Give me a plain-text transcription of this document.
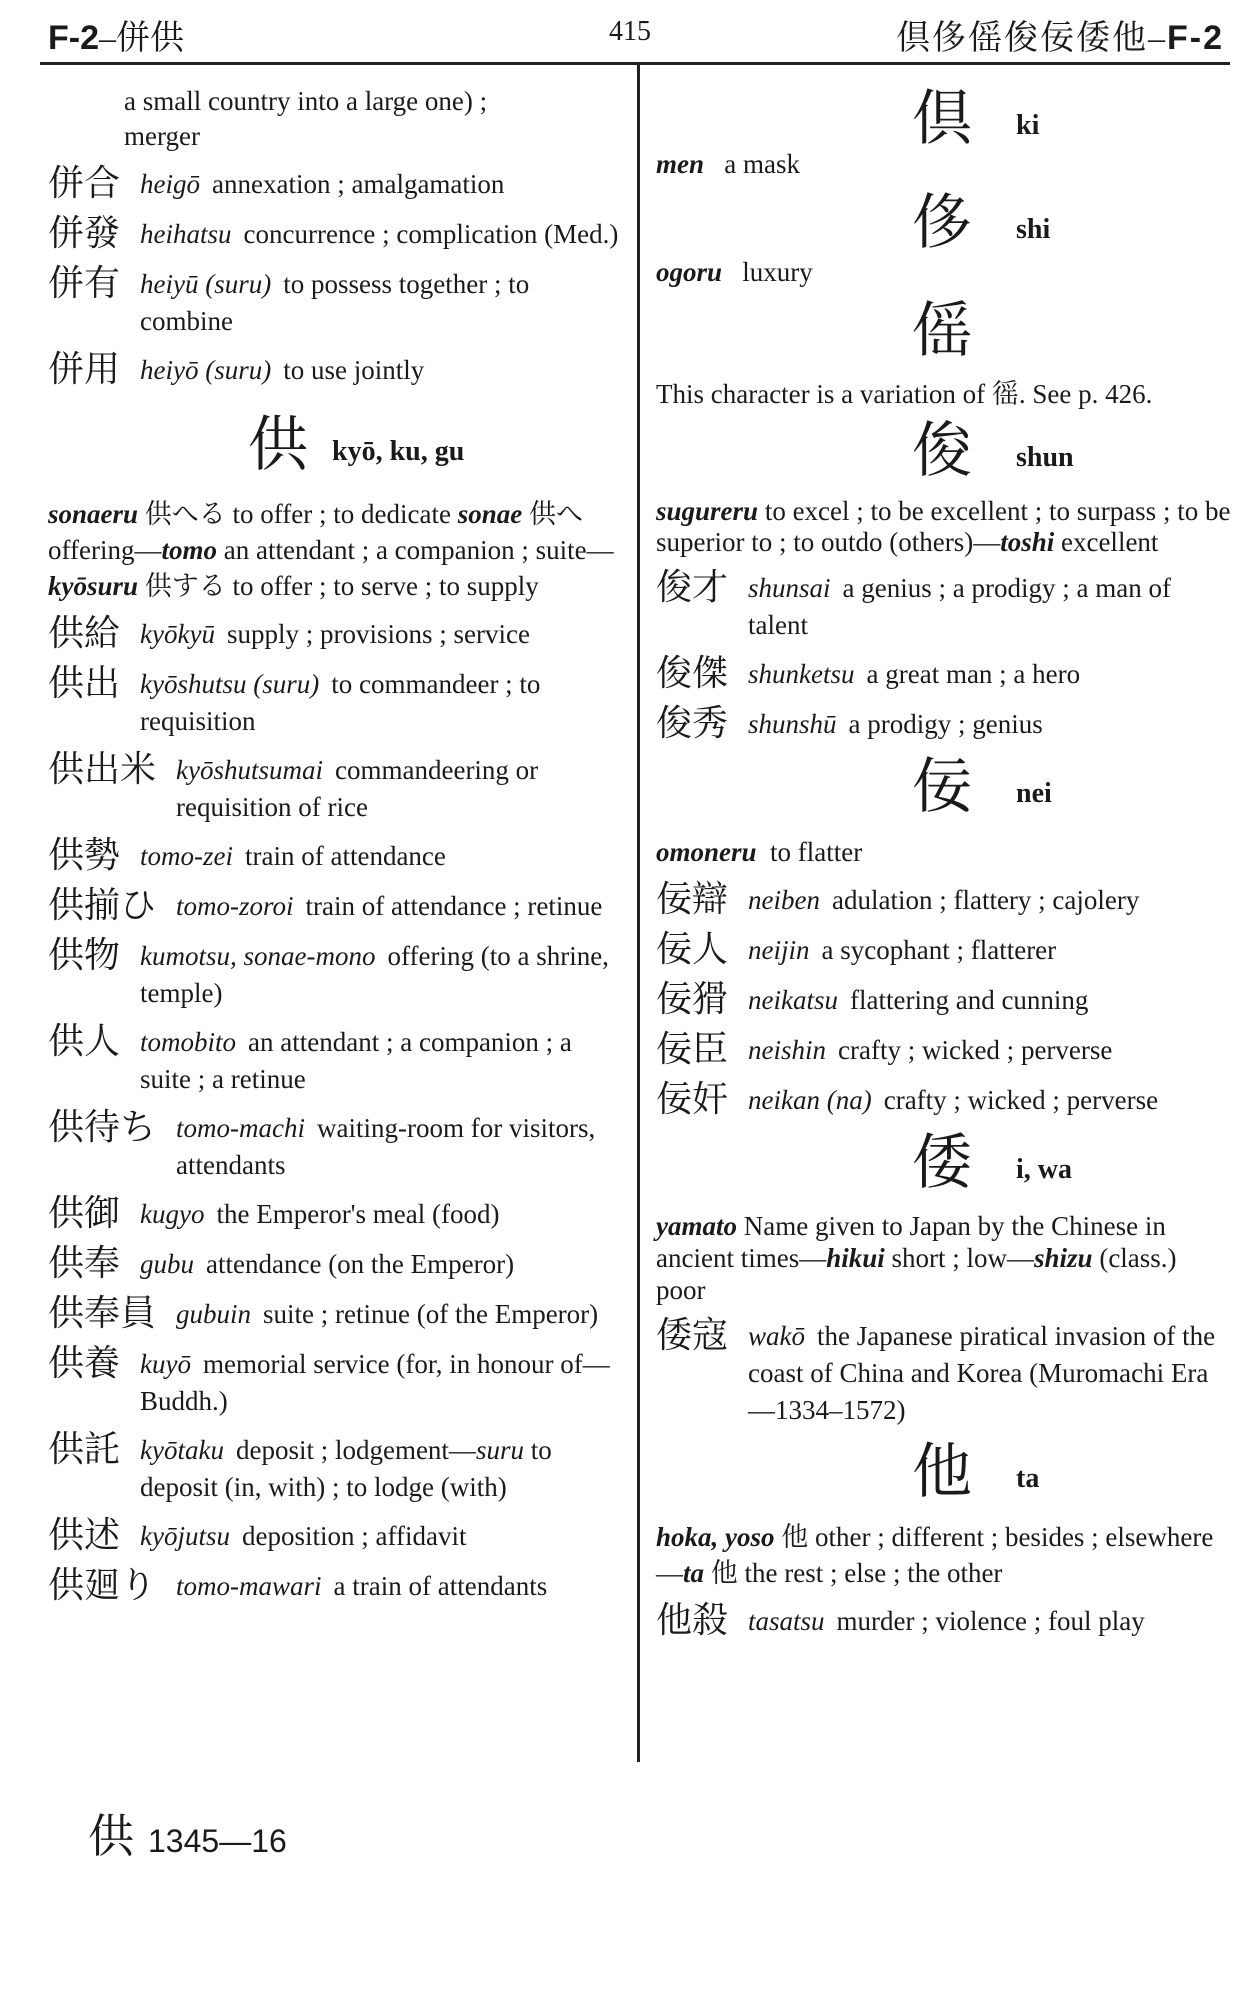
F-2–併供	415	倶侈傜俊佞倭他–F-2
a small country into a large one) ;
merger
併合 heigō annexation ; amalgamation
併發 heihatsu concurrence ; complication (Med.)
併有 heiyū (suru) to possess together ; to combine
併用 heiyō (suru) to use jointly
供 kyō, ku, gu
sonaeru 供へる to offer ; to dedicate sonae 供へ offering—tomo an attendant ; a companion ; suite—kyōsuru 供する to offer ; to serve ; to supply
供給 kyōkyū supply ; provisions ; service
供出 kyōshutsu (suru) to commandeer ; to requisition
供出米 kyōshutsumai commandeering or requisition of rice
供勢 tomo-zei train of attendance
供揃ひ tomo-zoroi train of attendance ; retinue
供物 kumotsu, sonae-mono offering (to a shrine, temple)
供人 tomobito an attendant ; a companion ; a suite ; a retinue
供待ち tomo-machi waiting-room for visitors, attendants
供御 kugyo the Emperor's meal (food)
供奉 gubu attendance (on the Emperor)
供奉員 gubuin suite ; retinue (of the Emperor)
供養 kuyō memorial service (for, in honour of—Buddh.)
供託 kyōtaku deposit ; lodgement—suru to deposit (in, with) ; to lodge (with)
供述 kyōjutsu deposition ; affidavit
供廻り tomo-mawari a train of attendants
倶 ki
men a mask
侈 shi
ogoru luxury
傜
This character is a variation of 徭. See p. 426.
俊 shun
sugureru to excel ; to be excellent ; to surpass ; to be superior to ; to outdo (others)—toshi excellent
俊才 shunsai a genius ; a prodigy ; a man of talent
俊傑 shunketsu a great man ; a hero
俊秀 shunshū a prodigy ; genius
佞 nei
omoneru to flatter
佞辯 neiben adulation ; flattery ; cajolery
佞人 neijin a sycophant ; flatterer
佞猾 neikatsu flattering and cunning
佞臣 neishin crafty ; wicked ; perverse
佞奸 neikan (na) crafty ; wicked ; perverse
倭 i, wa
yamato Name given to Japan by the Chinese in ancient times—hikui short ; low—shizu (class.) poor
倭寇 wakō the Japanese piratical invasion of the coast of China and Korea (Muromachi Era—1334–1572)
他 ta
hoka, yoso 他 other ; different ; besides ; elsewhere—ta 他 the rest ; else ; the other
他殺 tasatsu murder ; violence ; foul play
供 1345—16
